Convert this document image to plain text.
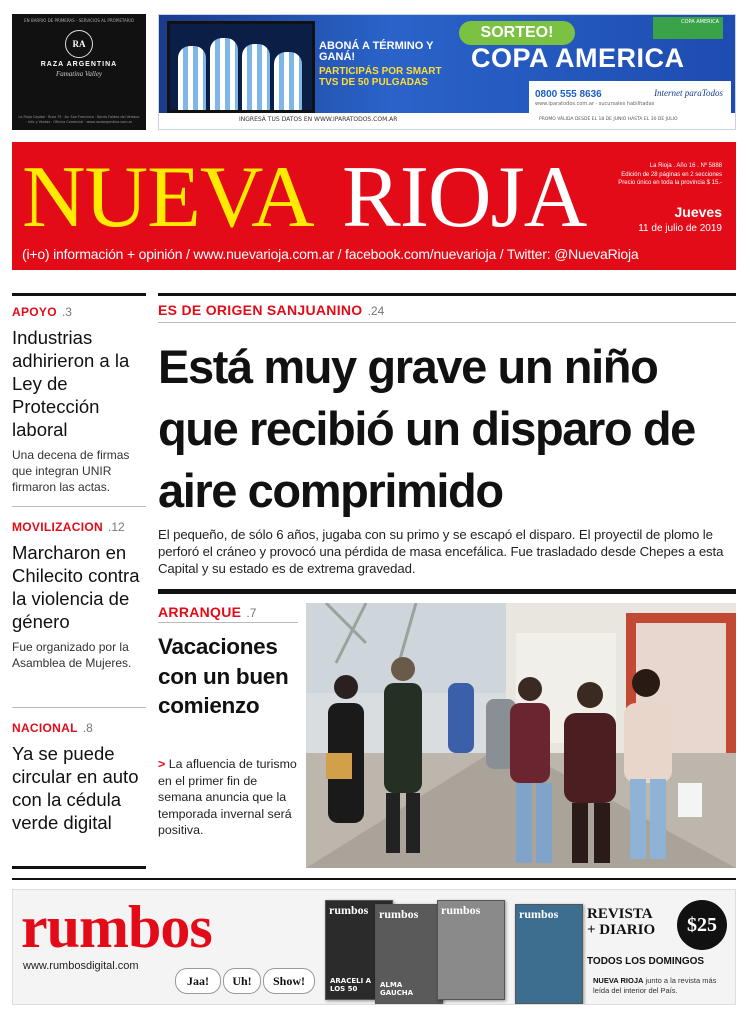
EN BARRIO DE PRIMERAS - SERVICIOS AL PROPIETARIO
RA
RAZA ARGENTINA
Famatina Valley
La Rioja Capital · Ruta 75 · Av. San Francisco · Barrio Faldeo del Velasco · Info y Ventas · Oficina Comercial · www.razaargentina.com.ar
ABONÁ A TÉRMINO Y GANÁ!
PARTICIPÁS POR SMART TVS DE 50 PULGADAS
SORTEO!
COPA AMERICA
COPA AMERICA
0800 555 8636
www.iparatodos.com.ar · sucursales habilitadas
Internet paraTodos
INGRESÁ TUS DATOS EN WWW.IPARATODOS.COM.AR	PROMO VÁLIDA DESDE EL 18 DE JUNIO HASTA EL 30 DE JULIO
NUEVA RIOJA	La Rioja . Año 16 . Nº 5888
Edición de 28 páginas en 2 secciones
Precio único en toda la provincia $ 15.-
Jueves
11 de julio de 2019
(i+o) información + opinión / www.nuevarioja.com.ar / facebook.com/nuevarioja / Twitter: @NuevaRioja
APOYO .3
Industrias adhirieron a la Ley de Protección laboral
Una decena de firmas que integran UNIR firmaron las actas.
MOVILIZACION .12
Marcharon en Chilecito contra la violencia de género
Fue organizado por la Asamblea de Mujeres.
NACIONAL .8
Ya se puede circular en auto con la cédula verde digital
ES DE ORIGEN SANJUANINO .24
Está muy grave un niño que recibió un disparo de aire comprimido
El pequeño, de sólo 6 años, jugaba con su primo y se escapó el disparo. El proyectil de plomo le perforó el cráneo y provocó una pérdida de masa encefálica. Fue trasladado desde Chepes a esta Capital y su estado es de extrema gravedad.
ARRANQUE .7
Vacaciones con un buen comienzo
> La afluencia de turismo en el primer fin de semana anuncia que la temporada invernal será positiva.
rumbos
www.rumbosdigital.com
Jaa!	Uh!	Show!
rumbos
ARACELI A LOS 50
rumbos
ALMA GAUCHA
rumbos	rumbos REVISTA
+ DIARIO	$25
TODOS LOS DOMINGOS
NUEVA RIOJA junto a la revista más leída del interior del País.
